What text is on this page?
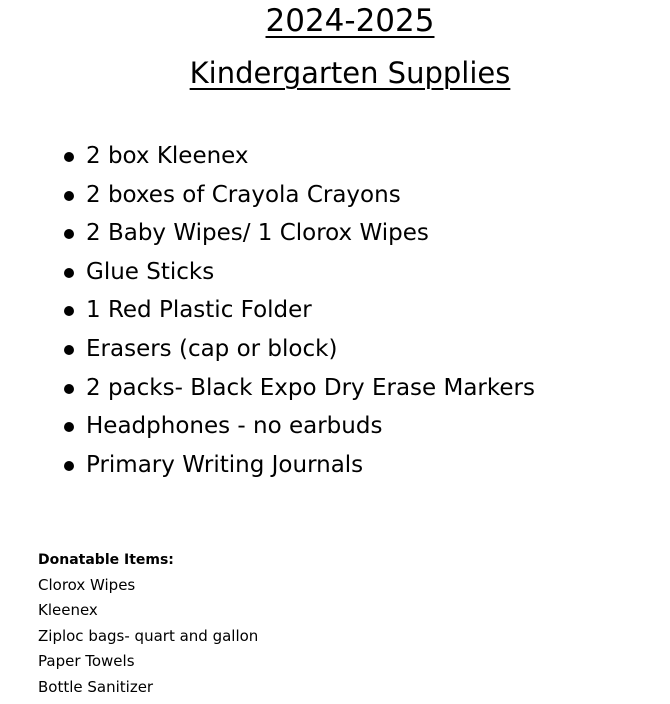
2024-2025
Kindergarten Supplies
2 box Kleenex
2 boxes of Crayola Crayons
2 Baby Wipes/ 1 Clorox Wipes
Glue Sticks
1 Red Plastic Folder
Erasers (cap or block)
2 packs- Black Expo Dry Erase Markers
Headphones - no earbuds
Primary Writing Journals
Donatable Items:
Clorox Wipes
Kleenex
Ziploc bags- quart and gallon
Paper Towels
Bottle Sanitizer
